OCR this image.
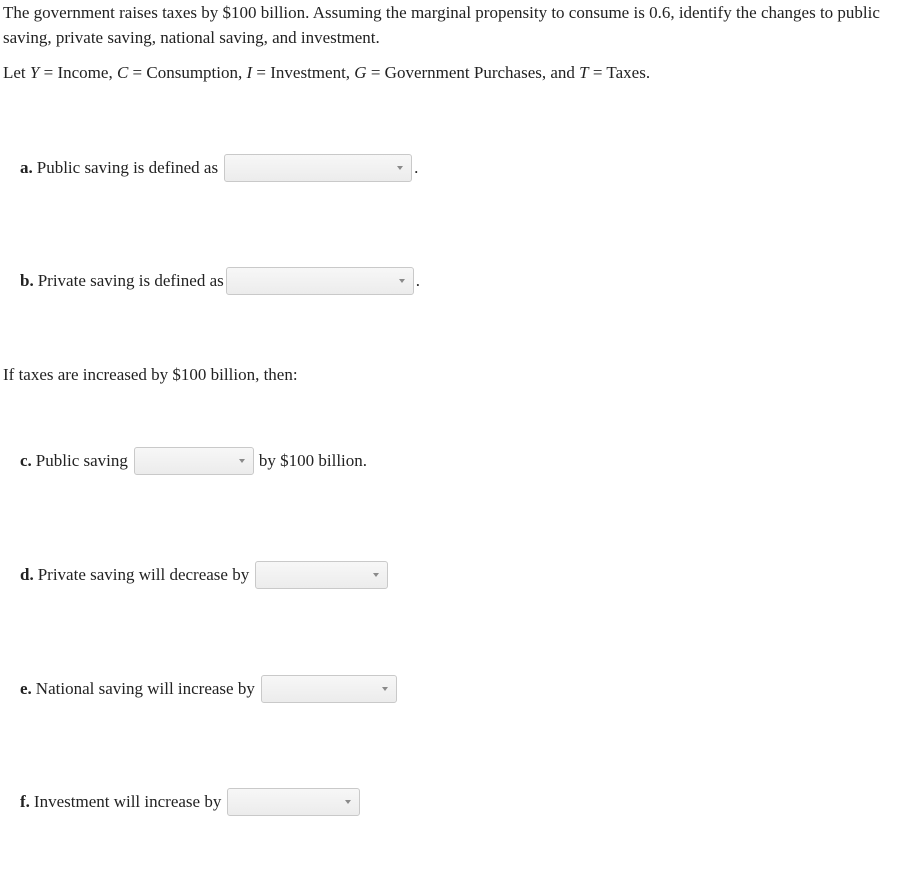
The government raises taxes by $100 billion. Assuming the marginal propensity to consume is 0.6, identify the changes to public saving, private saving, national saving, and investment.

Let Y = Income, C = Consumption, I = Investment, G = Government Purchases, and T = Taxes.

a. Public saving is defined as	.
b. Private saving is defined as	.

If taxes are increased by $100 billion, then:

c. Public saving	by $100 billion.
d. Private saving will decrease by
e. National saving will increase by
f. Investment will increase by
